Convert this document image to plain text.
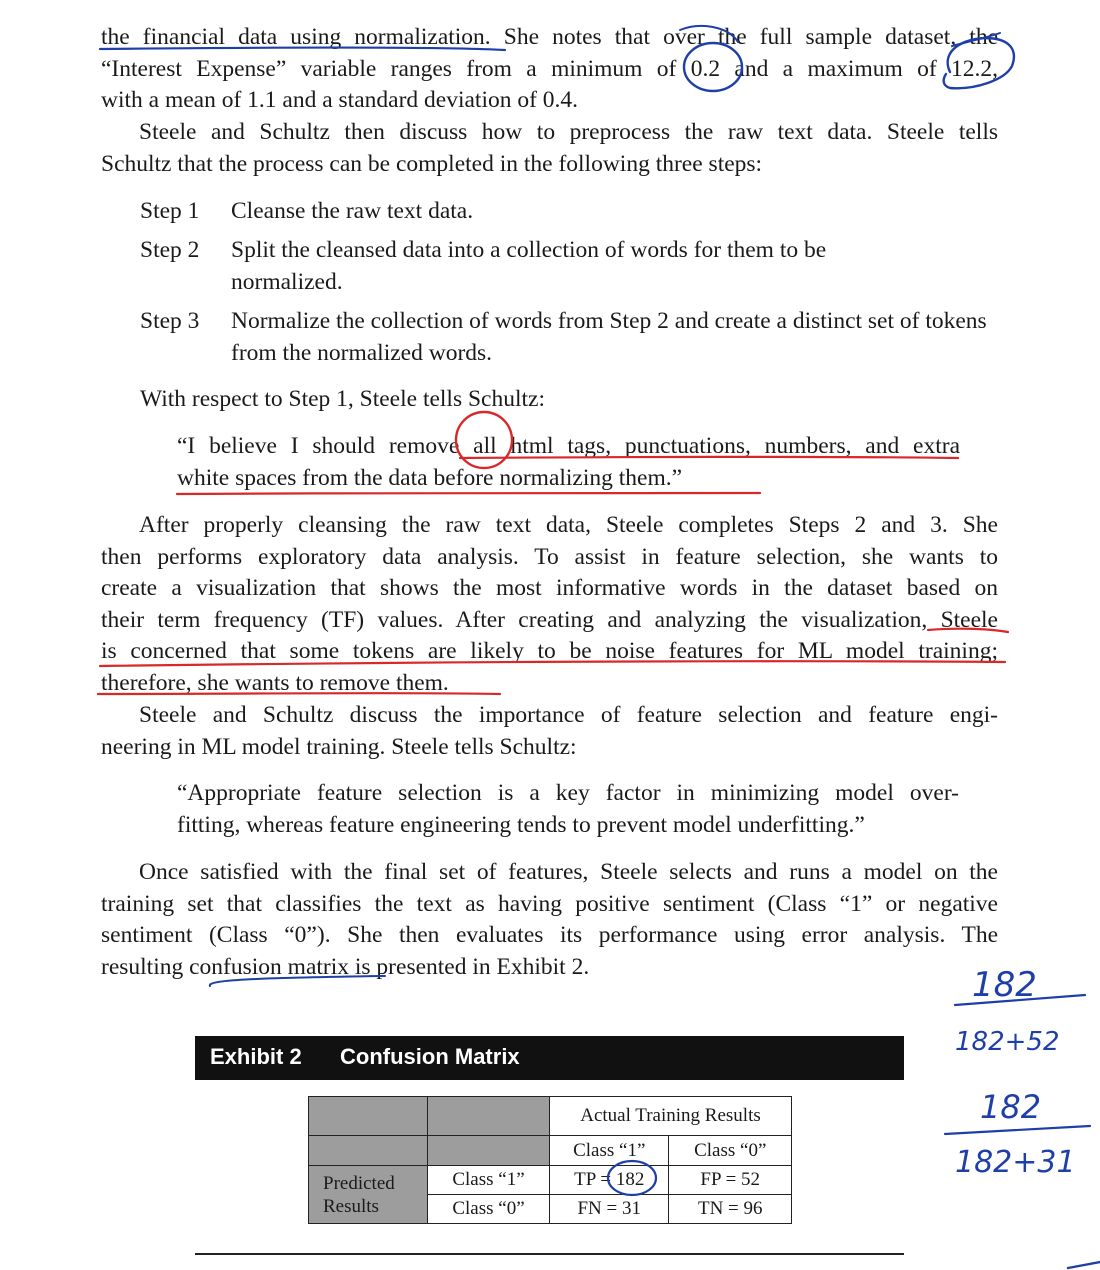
the financial data using normalization. She notes that over the full sample dataset, the
“Interest Expense” variable ranges from a minimum of 0.2 and a maximum of 12.2,
with a mean of 1.1 and a standard deviation of 0.4.
Steele and Schultz then discuss how to preprocess the raw text data. Steele tells
Schultz that the process can be completed in the following three steps:
Step 1	Cleanse the raw text data.
Step 2	Split the cleansed data into a collection of words for them to be normalized.
Step 3	Normalize the collection of words from Step 2 and create a distinct set of tokens from the normalized words.
With respect to Step 1, Steele tells Schultz:
“I believe I should remove all html tags, punctuations, numbers, and extra
white spaces from the data before normalizing them.”
After properly cleansing the raw text data, Steele completes Steps 2 and 3. She
then performs exploratory data analysis. To assist in feature selection, she wants to
create a visualization that shows the most informative words in the dataset based on
their term frequency (TF) values. After creating and analyzing the visualization, Steele
is concerned that some tokens are likely to be noise features for ML model training;
therefore, she wants to remove them.
Steele and Schultz discuss the importance of feature selection and feature engi-
neering in ML model training. Steele tells Schultz:
“Appropriate feature selection is a key factor in minimizing model over-
fitting, whereas feature engineering tends to prevent model underfitting.”
Once satisfied with the final set of features, Steele selects and runs a model on the
training set that classifies the text as having positive sentiment (Class “1” or negative
sentiment (Class “0”). She then evaluates its performance using error analysis. The
resulting confusion matrix is presented in Exhibit 2.
Exhibit 2 Confusion Matrix
		Actual Training Results	
		Class “1”	Class “0”
Predicted Results	Class “1”	TP = 182	FP = 52
	Class “0”	FN = 31	TN = 96
182
182+52
182
182+31
